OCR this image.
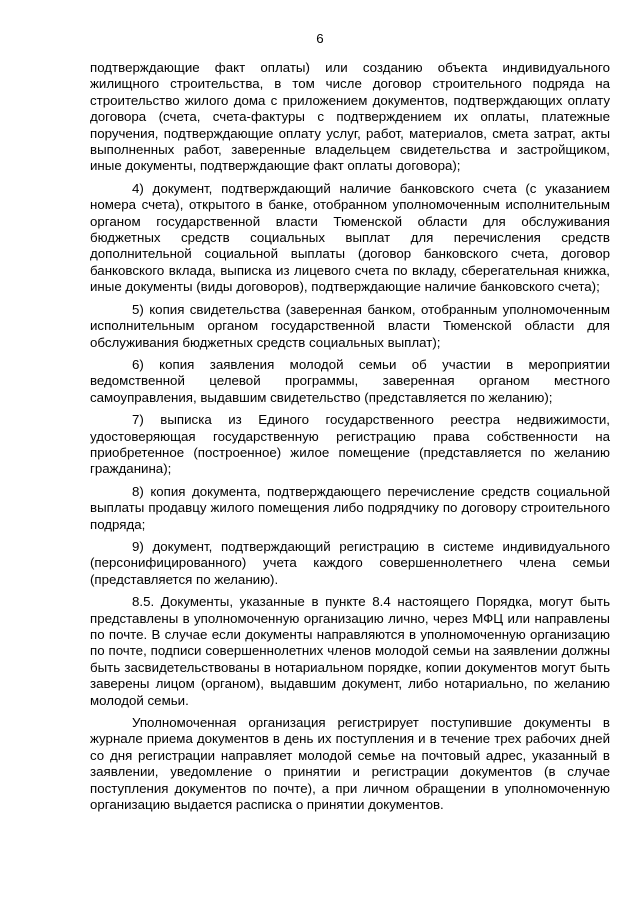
6

подтверждающие факт оплаты) или созданию объекта индивидуального жилищного строительства, в том числе договор строительного подряда на строительство жилого дома с приложением документов, подтверждающих оплату договора (счета, счета-фактуры с подтверждением их оплаты, платежные поручения, подтверждающие оплату услуг, работ, материалов, смета затрат, акты выполненных работ, заверенные владельцем свидетельства и застройщиком, иные документы, подтверждающие факт оплаты договора);

4) документ, подтверждающий наличие банковского счета (с указанием номера счета), открытого в банке, отобранном уполномоченным исполнительным органом государственной власти Тюменской области для обслуживания бюджетных средств социальных выплат для перечисления средств дополнительной социальной выплаты (договор банковского счета, договор банковского вклада, выписка из лицевого счета по вкладу, сберегательная книжка, иные документы (виды договоров), подтверждающие наличие банковского счета);

5) копия свидетельства (заверенная банком, отобранным уполномоченным исполнительным органом государственной власти Тюменской области для обслуживания бюджетных средств социальных выплат);

6) копия заявления молодой семьи об участии в мероприятии ведомственной целевой программы, заверенная органом местного самоуправления, выдавшим свидетельство (представляется по желанию);

7) выписка из Единого государственного реестра недвижимости, удостоверяющая государственную регистрацию права собственности на приобретенное (построенное) жилое помещение (представляется по желанию гражданина);

8) копия документа, подтверждающего перечисление средств социальной выплаты продавцу жилого помещения либо подрядчику по договору строительного подряда;

9) документ, подтверждающий регистрацию в системе индивидуального (персонифицированного) учета каждого совершеннолетнего члена семьи (представляется по желанию).

8.5. Документы, указанные в пункте 8.4 настоящего Порядка, могут быть представлены в уполномоченную организацию лично, через МФЦ или направлены по почте. В случае если документы направляются в уполномоченную организацию по почте, подписи совершеннолетних членов молодой семьи на заявлении должны быть засвидетельствованы в нотариальном порядке, копии документов могут быть заверены лицом (органом), выдавшим документ, либо нотариально, по желанию молодой семьи.

Уполномоченная организация регистрирует поступившие документы в журнале приема документов в день их поступления и в течение трех рабочих дней со дня регистрации направляет молодой семье на почтовый адрес, указанный в заявлении, уведомление о принятии и регистрации документов (в случае поступления документов по почте), а при личном обращении в уполномоченную организацию выдается расписка о принятии документов.
